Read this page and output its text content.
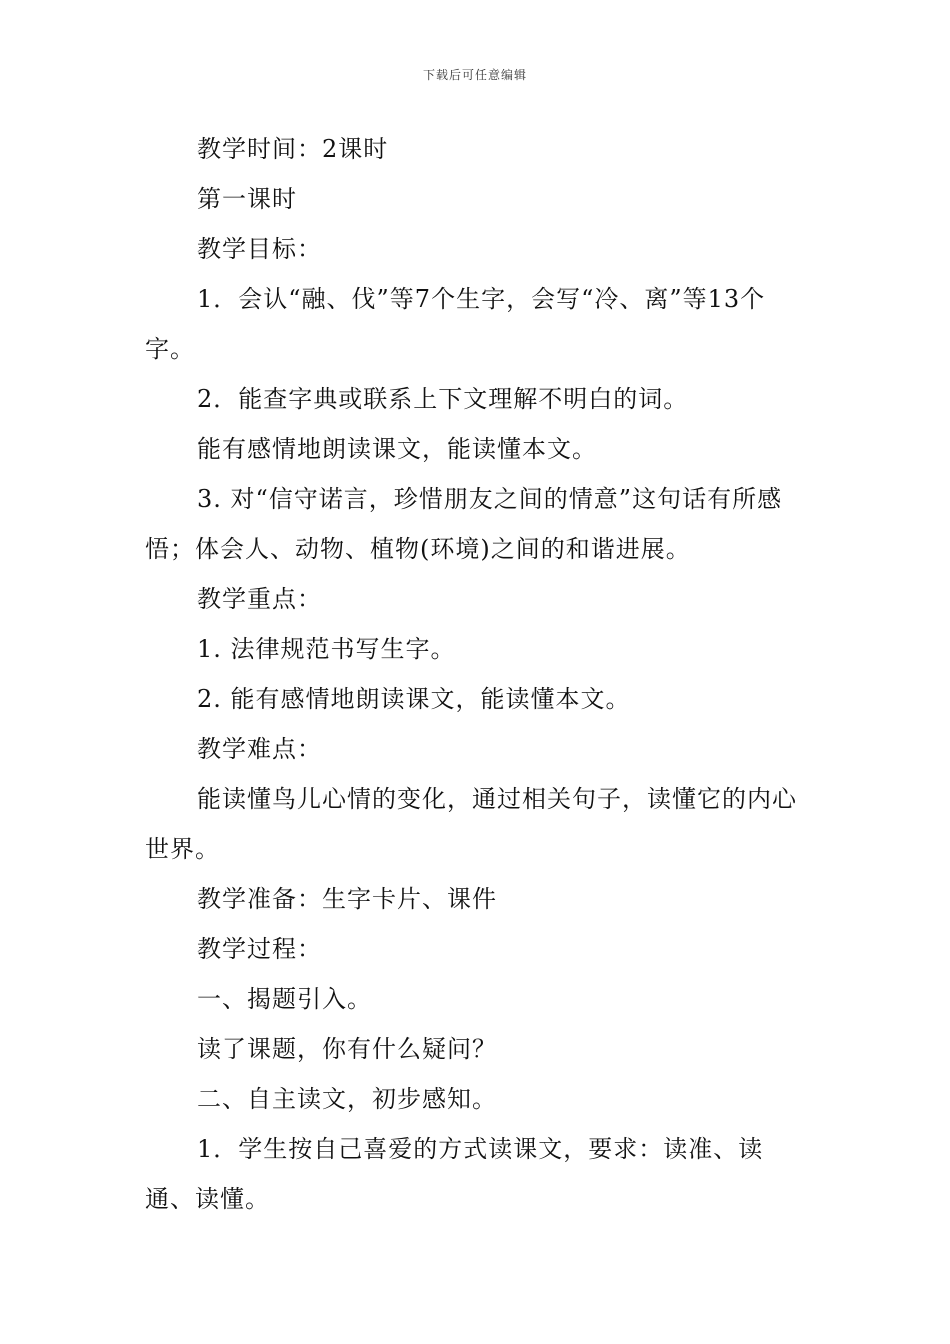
下载后可任意编辑

教学时间：2课时

第一课时

教学目标：

1．会认“融、伐”等7个生字，会写“冷、离”等13个字。

2．能查字典或联系上下文理解不明白的词。

能有感情地朗读课文，能读懂本文。

3. 对“信守诺言，珍惜朋友之间的情意”这句话有所感悟；体会人、动物、植物(环境)之间的和谐进展。

教学重点：

1. 法律规范书写生字。

2. 能有感情地朗读课文，能读懂本文。

教学难点：

能读懂鸟儿心情的变化，通过相关句子，读懂它的内心世界。

教学准备：生字卡片、课件

教学过程：

一、揭题引入。

读了课题，你有什么疑问？

二、自主读文，初步感知。

1．学生按自己喜爱的方式读课文，要求：读准、读通、读懂。
